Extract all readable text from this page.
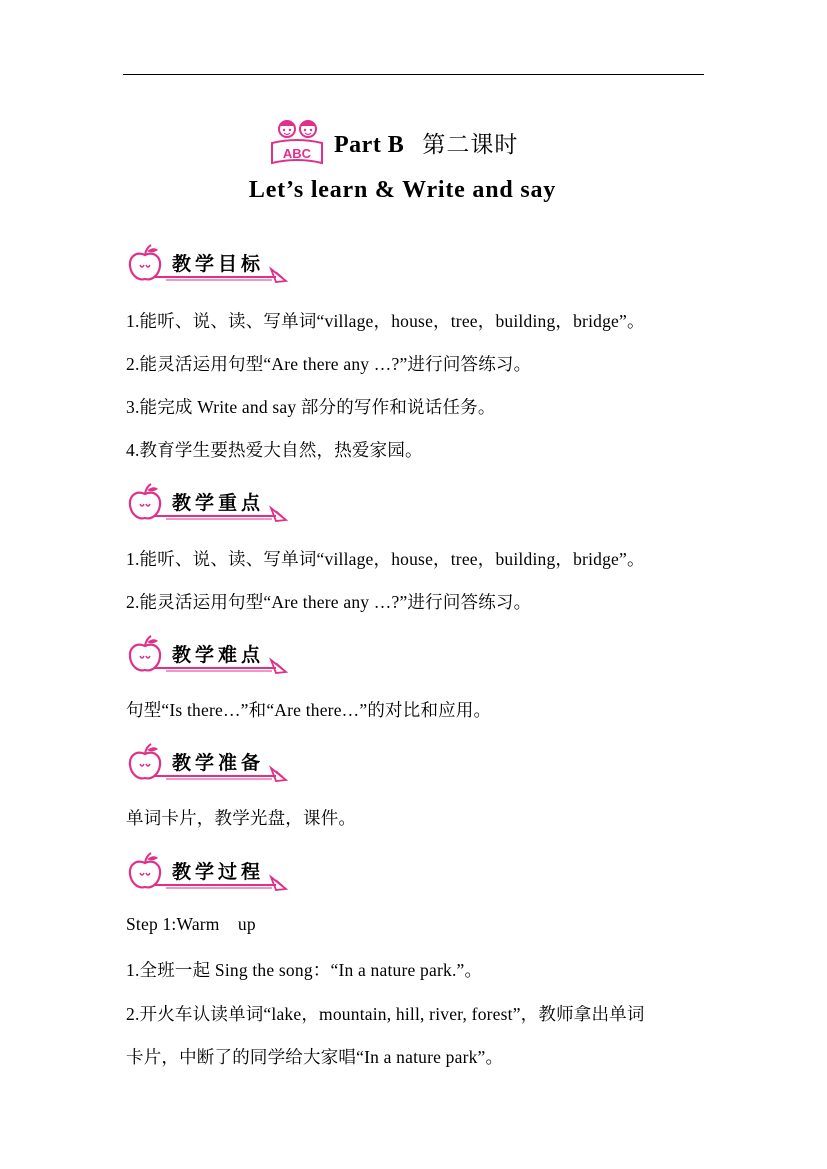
ABC Part B 第二课时
Let’s learn & Write and say
教学目标
1.能听、说、读、写单词“village，house，tree，building，bridge”。
2.能灵活运用句型“Are there any …?”进行问答练习。
3.能完成 Write and say 部分的写作和说话任务。
4.教育学生要热爱大自然，热爱家园。
教学重点
1.能听、说、读、写单词“village，house，tree，building，bridge”。
2.能灵活运用句型“Are there any …?”进行问答练习。
教学难点
句型“Is there…”和“Are there…”的对比和应用。
教学准备
单词卡片，教学光盘，课件。
教学过程
Step 1:Warm    up
1.全班一起 Sing the song：“In a nature park.”。
2.开火车认读单词“lake，mountain, hill, river, forest”，教师拿出单词
卡片，中断了的同学给大家唱“In a nature park”。
